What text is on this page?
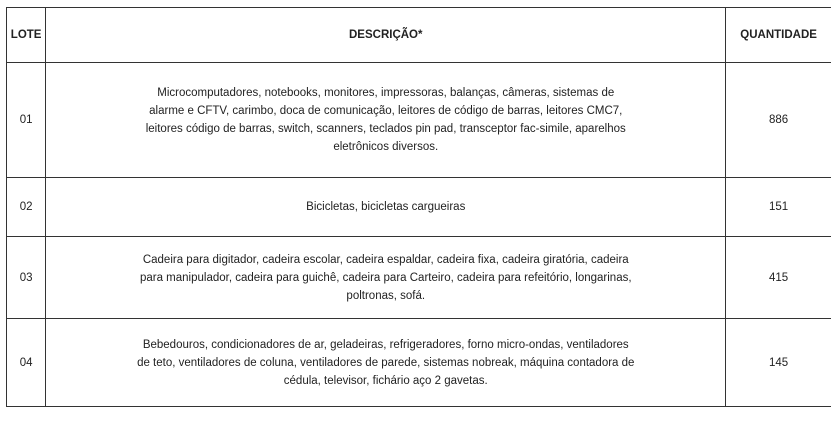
LOTE	DESCRIÇÃO*	QUANTIDADE
01	Microcomputadores, notebooks, monitores, impressoras, balanças, câmeras, sistemas de
alarme e CFTV, carimbo, doca de comunicação, leitores de código de barras, leitores CMC7,
leitores código de barras, switch, scanners, teclados pin pad, transceptor fac-simile, aparelhos
eletrônicos diversos.	886
02	Bicicletas, bicicletas cargueiras	151
03	Cadeira para digitador, cadeira escolar, cadeira espaldar, cadeira fixa, cadeira giratória, cadeira
para manipulador, cadeira para guichê, cadeira para Carteiro, cadeira para refeitório, longarinas,
poltronas, sofá.	415
04	Bebedouros, condicionadores de ar, geladeiras, refrigeradores, forno micro-ondas, ventiladores
de teto, ventiladores de coluna, ventiladores de parede, sistemas nobreak, máquina contadora de
cédula, televisor, fichário aço 2 gavetas.	145
